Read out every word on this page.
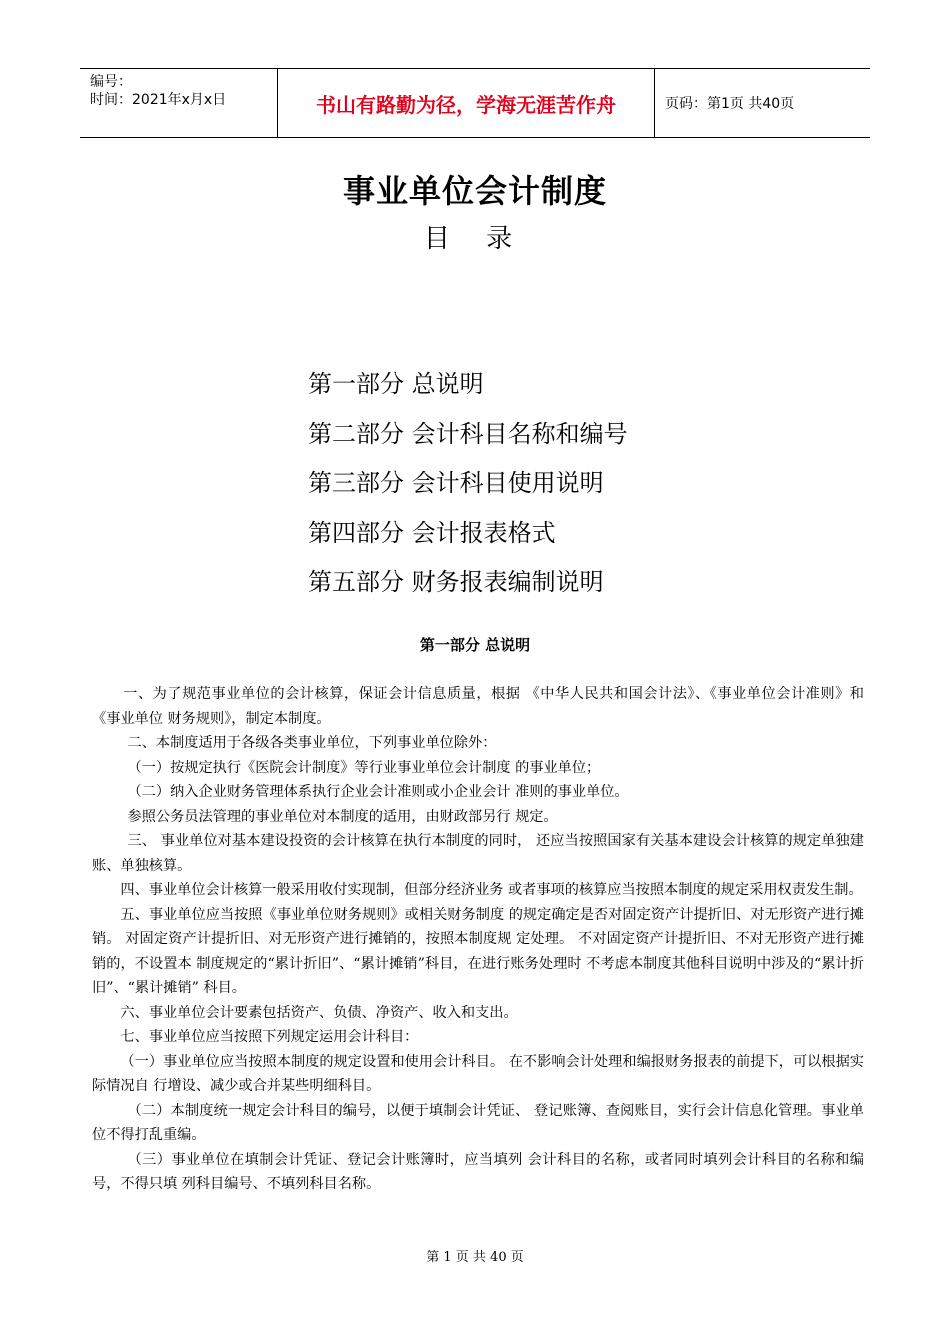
编号：
时间：2021年x月x日	书山有路勤为径，学海无涯苦作舟	页码：第1页 共40页
事业单位会计制度
目 录
第一部分 总说明
第二部分 会计科目名称和编号
第三部分 会计科目使用说明
第四部分 会计报表格式
第五部分 财务报表编制说明
第一部分 总说明

一、为了规范事业单位的会计核算，保证会计信息质量，根据 《中华人民共和国会计法》、《事业单位会计准则》和《事业单位 财务规则》，制定本制度。

二、本制度适用于各级各类事业单位，下列事业单位除外：

（一）按规定执行《医院会计制度》等行业事业单位会计制度 的事业单位；

（二）纳入企业财务管理体系执行企业会计准则或小企业会计 准则的事业单位。

参照公务员法管理的事业单位对本制度的适用，由财政部另行 规定。

三、 事业单位对基本建设投资的会计核算在执行本制度的同时， 还应当按照国家有关基本建设会计核算的规定单独建账、单独核算。

四、事业单位会计核算一般采用收付实现制，但部分经济业务 或者事项的核算应当按照本制度的规定采用权责发生制。

五、事业单位应当按照《事业单位财务规则》或相关财务制度 的规定确定是否对固定资产计提折旧、对无形资产进行摊销。 对固定资产计提折旧、对无形资产进行摊销的，按照本制度规 定处理。 不对固定资产计提折旧、不对无形资产进行摊销的，不设置本 制度规定的“累计折旧”、“累计摊销”科目，在进行账务处理时 不考虑本制度其他科目说明中涉及的“累计折旧”、“累计摊销” 科目。

六、事业单位会计要素包括资产、负债、净资产、收入和支出。

七、事业单位应当按照下列规定运用会计科目：

（一）事业单位应当按照本制度的规定设置和使用会计科目。 在不影响会计处理和编报财务报表的前提下，可以根据实际情况自 行增设、减少或合并某些明细科目。

（二）本制度统一规定会计科目的编号，以便于填制会计凭证、 登记账簿、查阅账目，实行会计信息化管理。事业单位不得打乱重编。

（三）事业单位在填制会计凭证、登记会计账簿时，应当填列 会计科目的名称，或者同时填列会计科目的名称和编号，不得只填 列科目编号、不填列科目名称。

第 1 页 共 40 页
